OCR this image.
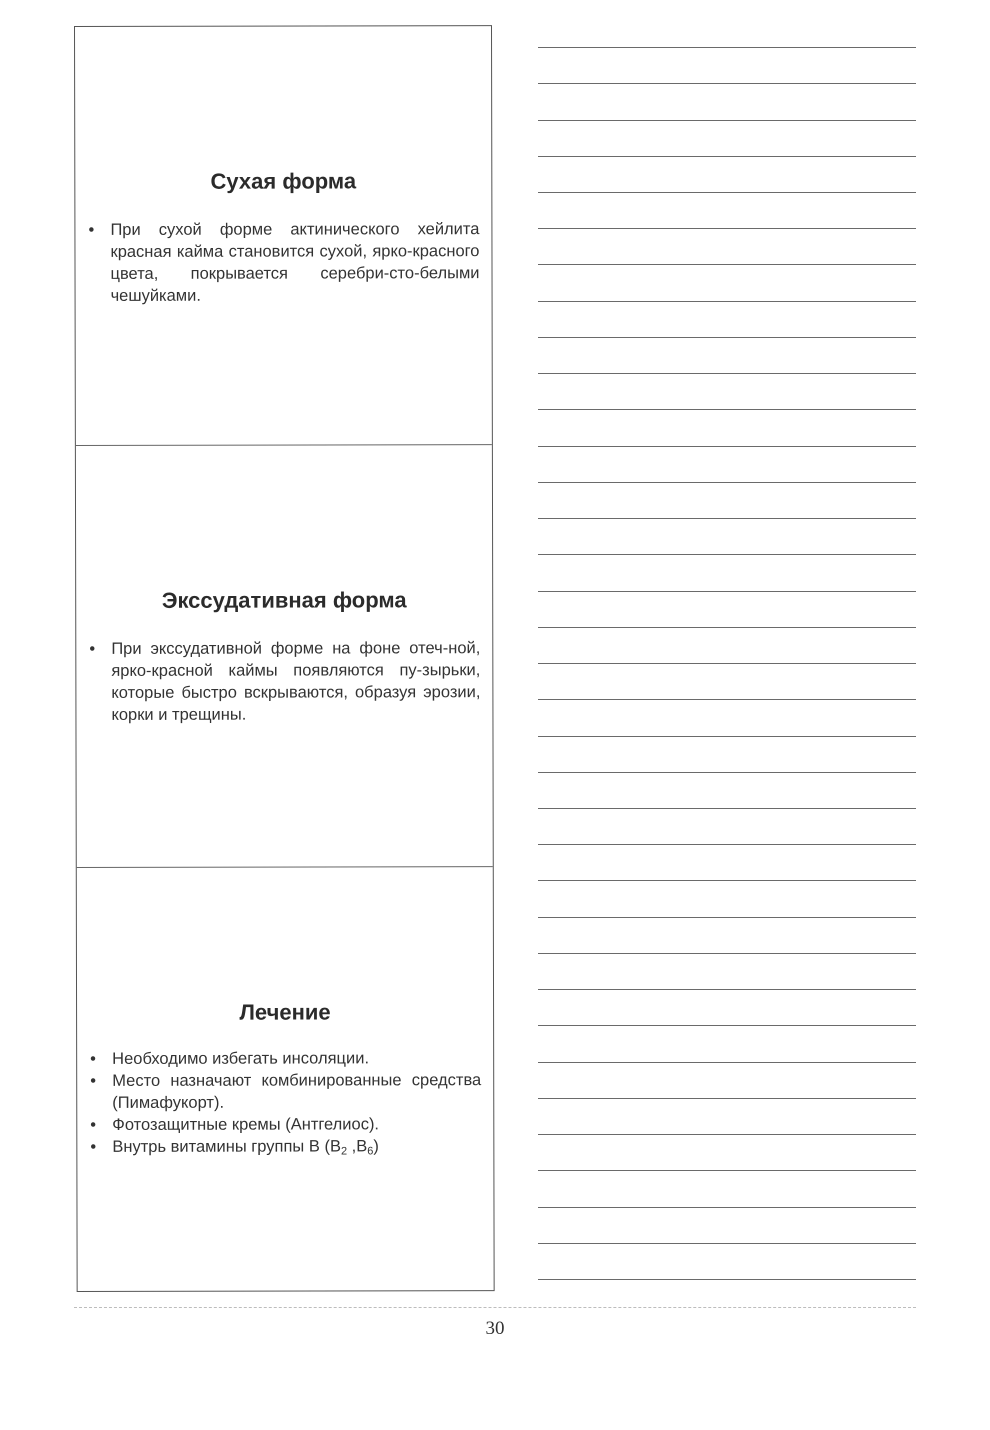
Сухая форма
• При сухой форме актинического хейлита красная кайма становится сухой, ярко-красного цвета, покрывается серебри-сто-белыми чешуйками.
Экссудативная форма
• При экссудативной форме на фоне отеч-ной, ярко-красной каймы появляются пу-зырьки, которые быстро вскрываются, образуя эрозии, корки и трещины.
Лечение
• Необходимо избегать инсоляции.
• Место назначают комбинированные средства (Пимафукорт).
• Фотозащитные кремы (Антгелиос).
• Внутрь витамины группы В ($В_2$ $,В_6$)
30
